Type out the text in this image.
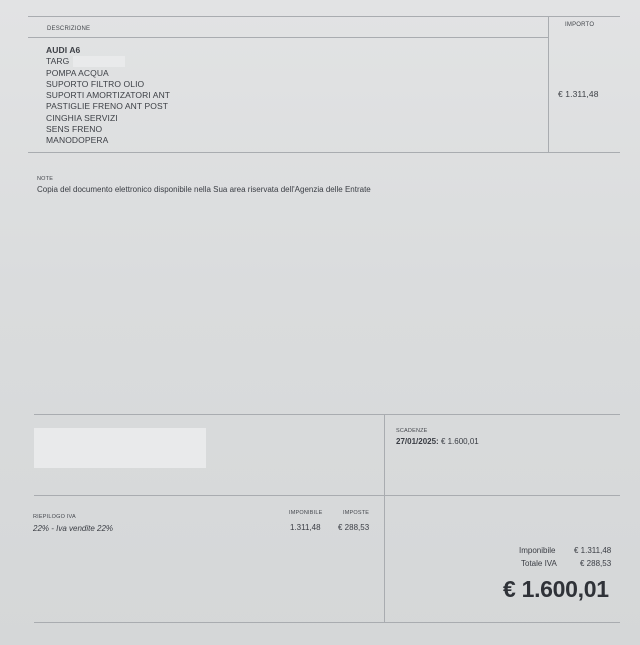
DESCRIZIONE
IMPORTO
AUDI A6
TARG
POMPA ACQUA
SUPORTO FILTRO OLIO
SUPORTI AMORTIZATORI ANT
PASTIGLIE FRENO ANT POST
CINGHIA SERVIZI
SENS FRENO
MANODOPERA
€ 1.311,48
NOTE
Copia del documento elettronico disponibile nella Sua area riservata dell'Agenzia delle Entrate
SCADENZE
27/01/2025: € 1.600,01
RIEPILOGO IVA
IMPONIBILE	IMPOSTE
22% - Iva vendite 22%	1.311,48 € 288,53
Imponibile € 1.311,48
Totale IVA	€ 288,53
€ 1.600,01
